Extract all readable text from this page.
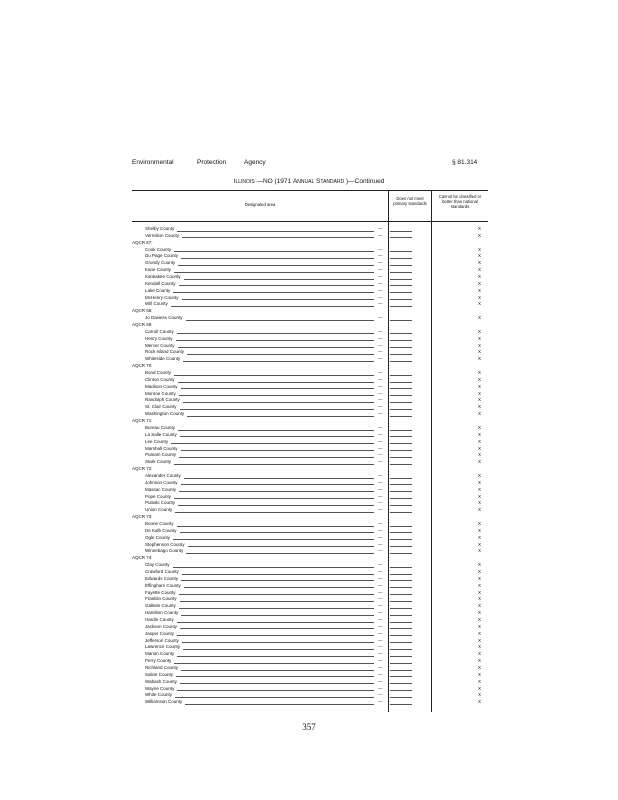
Environmental	Protection	Agency	§ 81.314
Illinois —NO (1971 Annual Standard )—Continued
Designated area
Does not meet primary standards
Cannot be classified or better than national standards
Shelby County	—	X
Vermilion County	—	X
AQCR 67:
Cook County	—	X
Du Page County	—	X
Grundy County	—	X
Kane County	—	X
Kankakee County	—	X
Kendall County	—	X
Lake County	—	X
McHenry County	—	X
Will County	—	X
AQCR 68:
Jo Daviess County	—	X
AQCR 69:
Carroll County	—	X
Henry County	—	X
Mercer County	—	X
Rock Island County	—	X
Whiteside County	—	X
AQCR 70:
Bond County	—	X
Clinton County	—	X
Madison County	—	X
Monroe County	—	X
Randolph County	—	X
St. Clair County	—	X
Washington County	—	X
AQCR 71:
Bureau County	—	X
La Salle County	—	X
Lee County	—	X
Marshall County	—	X
Putnam County	—	X
Stark County	—	X
AQCR 72:
Alexander County	—	X
Johnson County	—	X
Massac County	—	X
Pope County	—	X
Pulaski County	—	X
Union County	—	X
AQCR 73:
Boone County	—	X
De Kalb County	—	X
Ogle County	—	X
Stephenson County	—	X
Winnebago County	—	X
AQCR 74:
Clay County	—	X
Crawford County	—	X
Edwards County	—	X
Effingham County	—	X
Fayette County	—	X
Franklin County	—	X
Gallatin County	—	X
Hamilton County	—	X
Hardin County	—	X
Jackson County	—	X
Jasper County	—	X
Jefferson County	—	X
Lawrence County	—	X
Marion County	—	X
Perry County	—	X
Richland County	—	X
Saline County	—	X
Wabash County	—	X
Wayne County	—	X
White County	—	X
Williamson County	—	X
357
